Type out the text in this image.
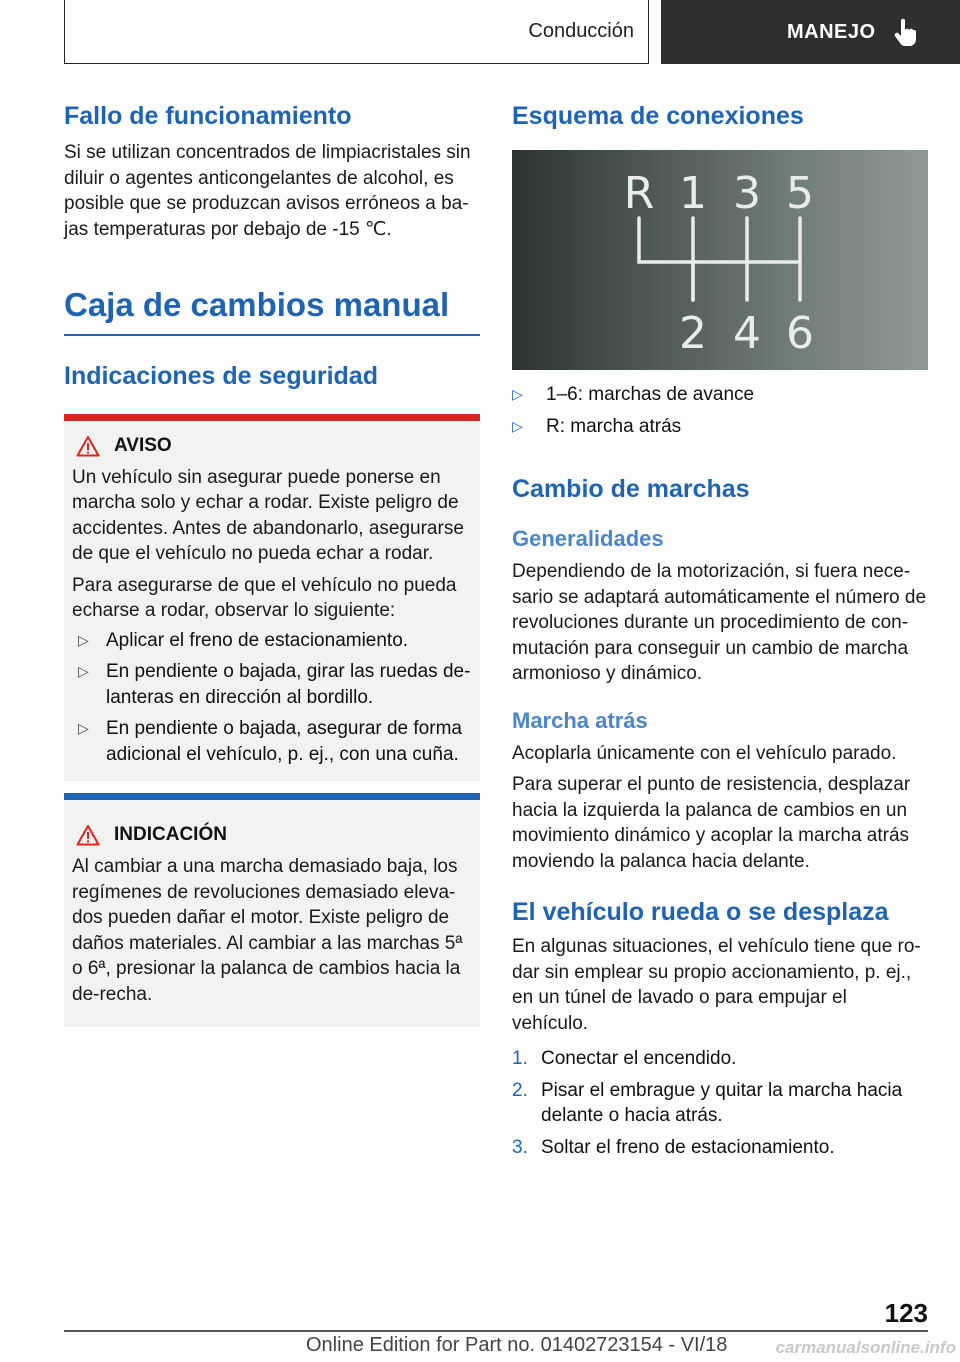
Conducción	MANEJO
Fallo de funcionamiento

Si se utilizan concentrados de limpiacristales sin diluir o agentes anticongelantes de alcohol, es posible que se produzcan avisos erróneos a ba-jas temperaturas por debajo de -15 ℃.

Caja de cambios manual
Indicaciones de seguridad
AVISO

Un vehículo sin asegurar puede ponerse en marcha solo y echar a rodar. Existe peligro de accidentes. Antes de abandonarlo, asegurarse de que el vehículo no pueda echar a rodar.

Para asegurarse de que el vehículo no pueda echarse a rodar, observar lo siguiente:

▷ Aplicar el freno de estacionamiento.
▷ En pendiente o bajada, girar las ruedas de-lanteras en dirección al bordillo.
▷ En pendiente o bajada, asegurar de forma adicional el vehículo, p. ej., con una cuña.
INDICACIÓN

Al cambiar a una marcha demasiado baja, los regímenes de revoluciones demasiado eleva-dos pueden dañar el motor. Existe peligro de daños materiales. Al cambiar a las marchas 5ª o 6ª, presionar la palanca de cambios hacia la de-recha.

Esquema de conexiones
R 1 3 5
2 4 6
▷ 1–6: marchas de avance
▷ R: marcha atrás
Cambio de marchas
Generalidades

Dependiendo de la motorización, si fuera nece-sario se adaptará automáticamente el número de revoluciones durante un procedimiento de con-mutación para conseguir un cambio de marcha armonioso y dinámico.

Marcha atrás

Acoplarla únicamente con el vehículo parado.

Para superar el punto de resistencia, desplazar hacia la izquierda la palanca de cambios en un movimiento dinámico y acoplar la marcha atrás moviendo la palanca hacia delante.

El vehículo rueda o se desplaza

En algunas situaciones, el vehículo tiene que ro-dar sin emplear su propio accionamiento, p. ej., en un túnel de lavado o para empujar el vehículo.

1. Conectar el encendido.
2. Pisar el embrague y quitar la marcha hacia delante o hacia atrás.
3. Soltar el freno de estacionamiento.
123
Online Edition for Part no. 01402723154 - VI/18	carmanualsonline.info
